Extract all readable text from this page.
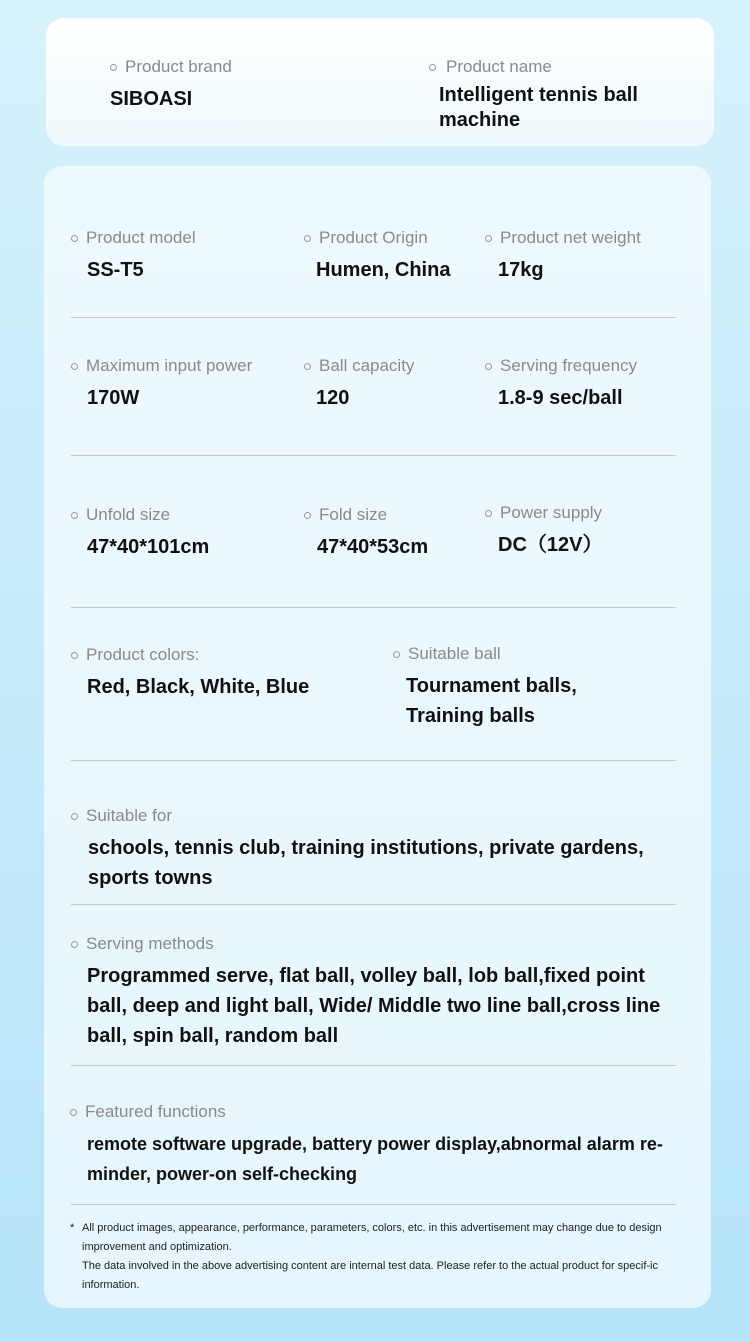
Product brand
SIBOASI
Product name
Intelligent tennis ball machine
Product model
SS-T5
Product Origin
Humen, China
Product net weight
17kg
Maximum input power
170W
Ball capacity
120
Serving frequency
1.8-9 sec/ball
Unfold size
47*40*101cm
Fold size
47*40*53cm
Power supply
DC（12V）
Product colors:
Red, Black, White, Blue
Suitable ball
Tournament balls, Training balls
Suitable for
schools, tennis club, training institutions, private gardens, sports towns
Serving methods
Programmed serve, flat ball, volley ball, lob ball,fixed point ball, deep and light ball, Wide/ Middle two line ball,cross line ball, spin ball, random ball
Featured functions
remote software upgrade, battery power display,abnormal alarm re-minder, power-on self-checking
* All product images, appearance, performance, parameters, colors, etc. in this advertisement may change due to design improvement and optimization.
The data involved in the above advertising content are internal test data. Please refer to the actual product for specif-ic information.
